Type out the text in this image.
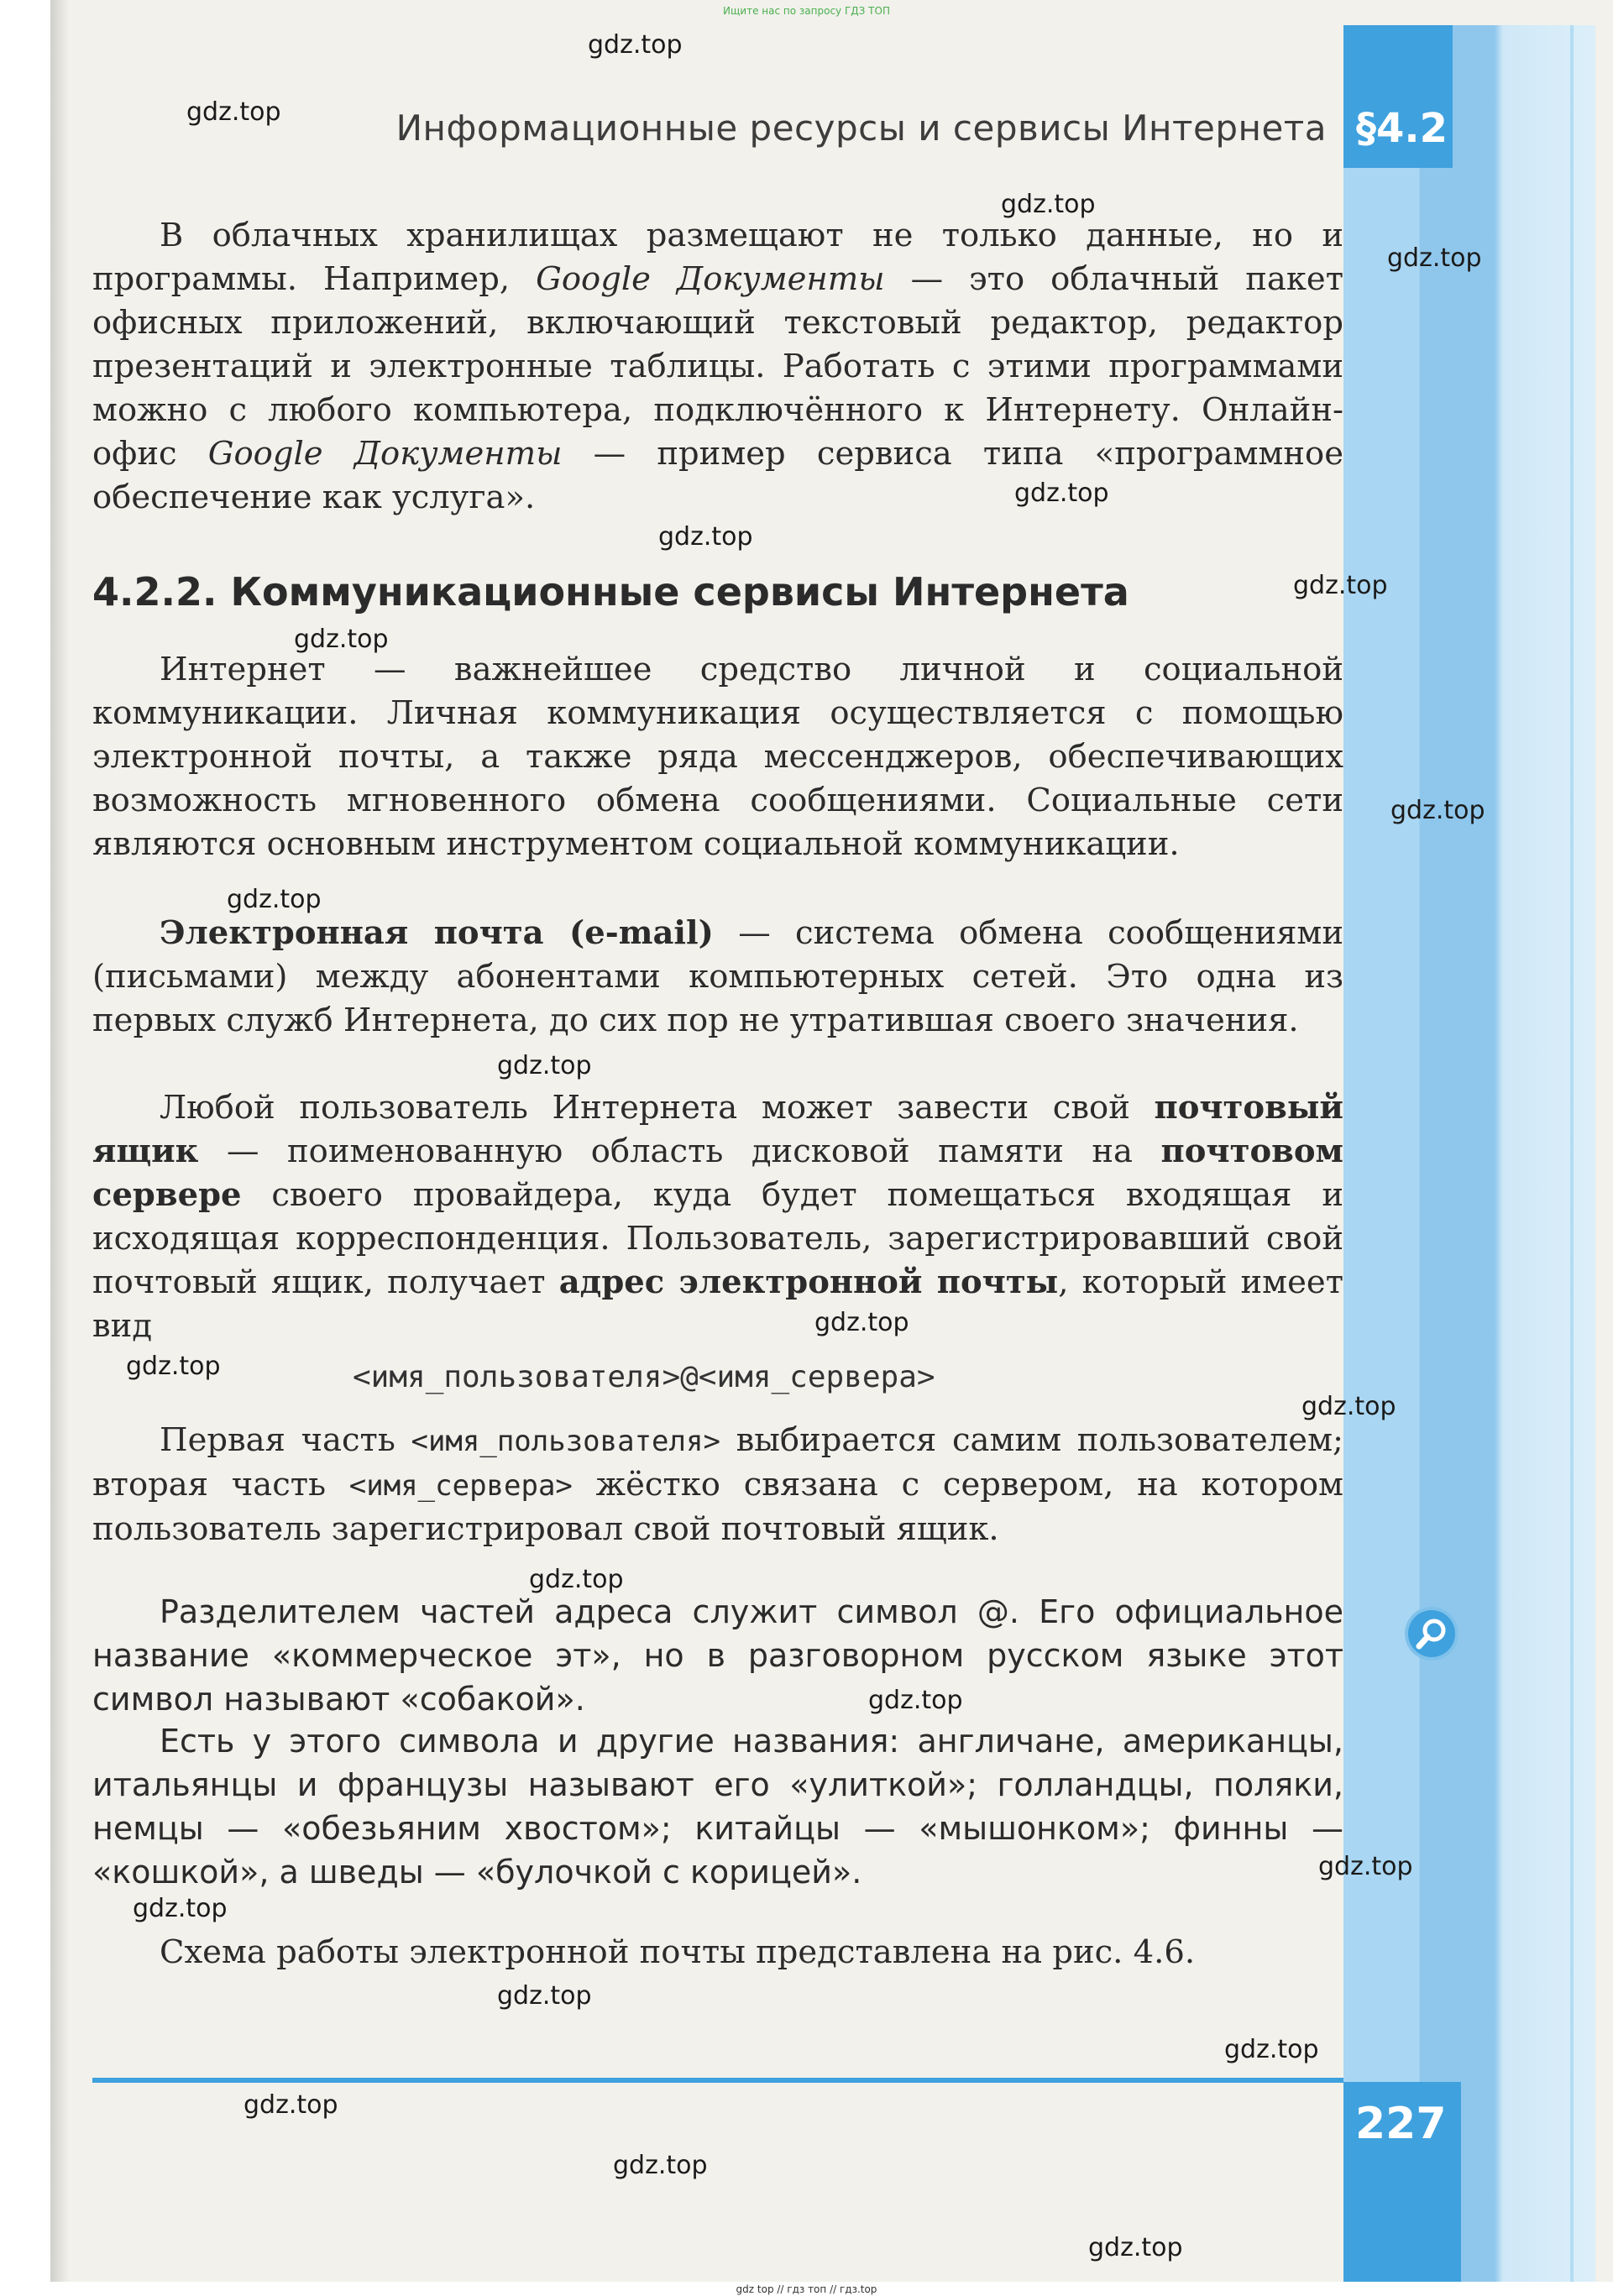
Ищите нас по запросу ГДЗ ТОП
§4.2
227
Информационные ресурсы и сервисы Интернета

В облачных хранилищах размещают не только данные, но и программы. Например, Google Документы — это облачный пакет офисных приложений, включающий текстовый редактор, редактор презентаций и электронные таблицы. Работать с этими программами можно с любого компьютера, подключённого к Интернету. Онлайн-офис Google Документы — пример сервиса типа «программное обеспечение как услуга».

4.2.2. Коммуникационные сервисы Интернета

Интернет — важнейшее средство личной и социальной коммуникации. Личная коммуникация осуществляется с помощью электронной почты, а также ряда мессенджеров, обеспечивающих возможность мгновенного обмена сообщениями. Социальные сети являются основным инструментом социальной коммуникации.

Электронная почта (e-mail) — система обмена сообщениями (письмами) между абонентами компьютерных сетей. Это одна из первых служб Интернета, до сих пор не утратившая своего значения.

Любой пользователь Интернета может завести свой почтовый ящик — поименованную область дисковой памяти на почтовом сервере своего провайдера, куда будет помещаться входящая и исходящая корреспонденция. Пользователь, зарегистрировавший свой почтовый ящик, получает адрес электронной почты, который имеет вид

<имя_пользователя>@<имя_сервера>

Первая часть <имя_пользователя> выбирается самим пользователем; вторая часть <имя_сервера> жёстко связана с сервером, на котором пользователь зарегистрировал свой почтовый ящик.

Разделителем частей адреса служит символ @. Его официальное название «коммерческое эт», но в разговорном русском языке этот символ называют «собакой».

Есть у этого символа и другие названия: англичане, американцы, итальянцы и французы называют его «улиткой»; голландцы, поляки, немцы — «обезьяним хвостом»; китайцы — «мышонком»; финны — «кошкой», а шведы — «булочкой с корицей».

Схема работы электронной почты представлена на рис. 4.6.

gdz.top
gdz.top
gdz.top
gdz.top
gdz.top
gdz.top
gdz.top
gdz.top
gdz.top
gdz.top
gdz.top
gdz.top
gdz.top
gdz.top
gdz.top
gdz.top
gdz.top
gdz.top
gdz.top
gdz.top
gdz.top
gdz.top
gdz.top
gdz top // гдз топ // гдз.top
